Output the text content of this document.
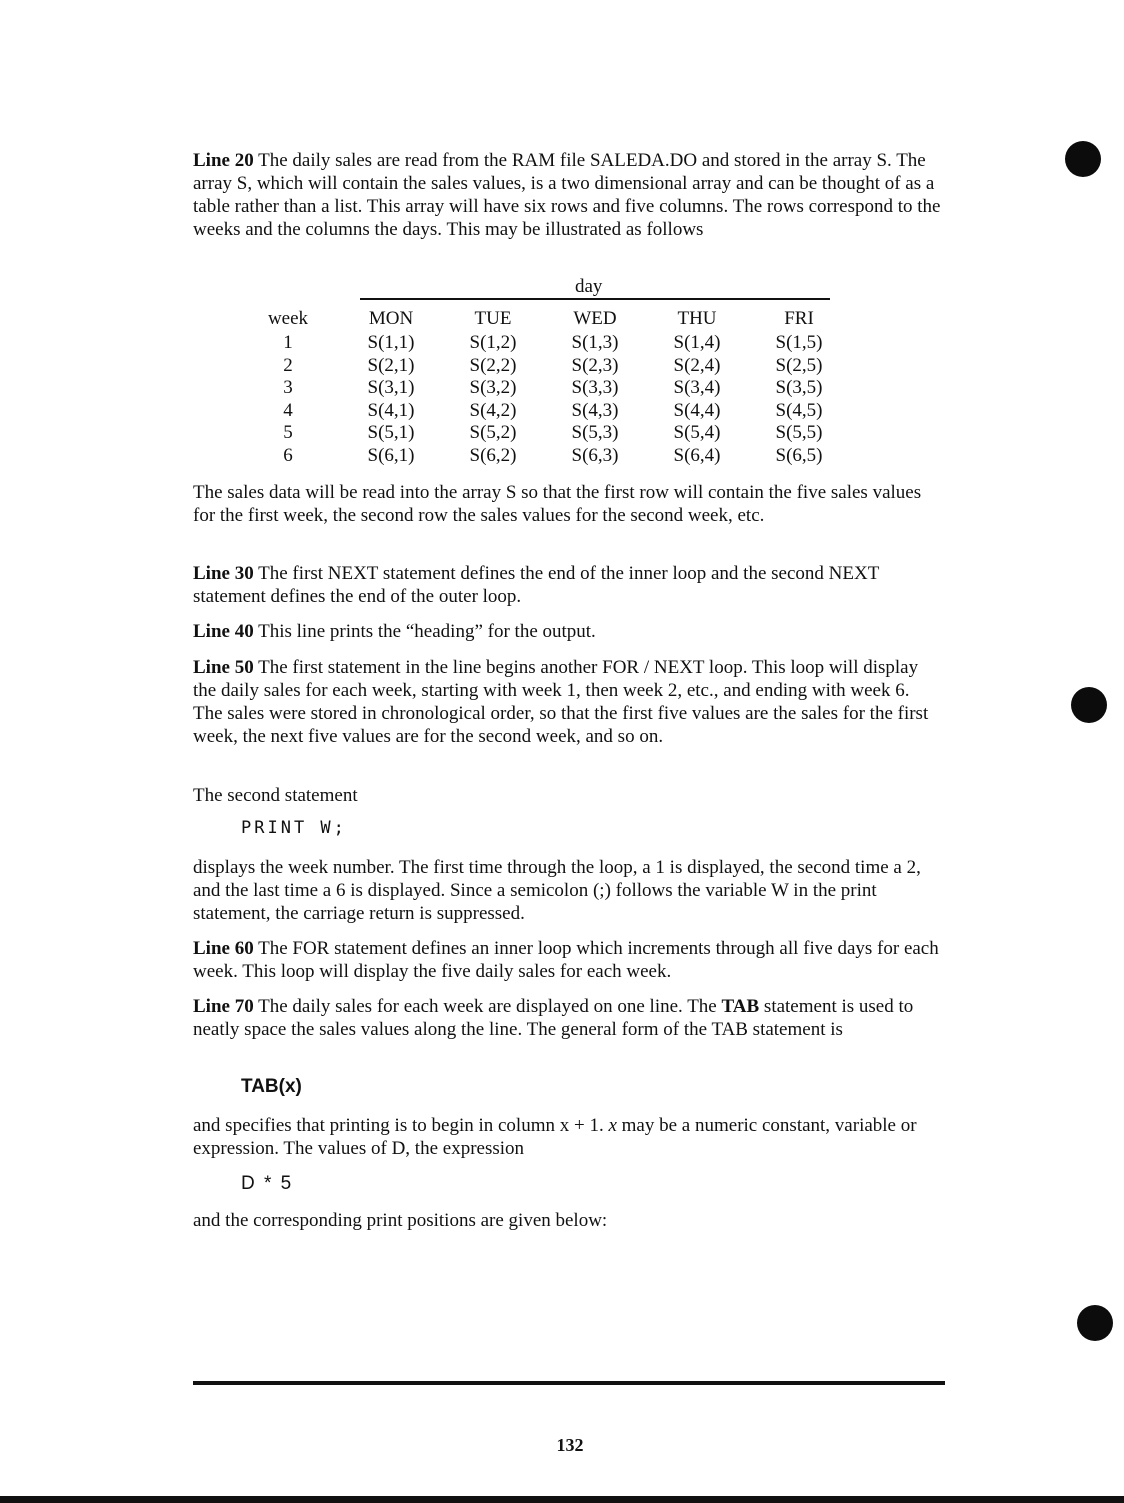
Line 20 The daily sales are read from the RAM file SALEDA.DO and stored in the array S. The array S, which will contain the sales values, is a two dimensional array and can be thought of as a table rather than a list. This array will have six rows and five columns. The rows correspond to the weeks and the columns the days. This may be illustrated as follows

day
week	MON	TUE	WED	THU	FRI
1	S(1,1)	S(1,2)	S(1,3)	S(1,4)	S(1,5)
2	S(2,1)	S(2,2)	S(2,3)	S(2,4)	S(2,5)
3	S(3,1)	S(3,2)	S(3,3)	S(3,4)	S(3,5)
4	S(4,1)	S(4,2)	S(4,3)	S(4,4)	S(4,5)
5	S(5,1)	S(5,2)	S(5,3)	S(5,4)	S(5,5)
6	S(6,1)	S(6,2)	S(6,3)	S(6,4)	S(6,5)

The sales data will be read into the array S so that the first row will contain the five sales values for the first week, the second row the sales values for the second week, etc.

Line 30 The first NEXT statement defines the end of the inner loop and the second NEXT statement defines the end of the outer loop.

Line 40 This line prints the “heading” for the output.

Line 50 The first statement in the line begins another FOR / NEXT loop. This loop will display the daily sales for each week, starting with week 1, then week 2, etc., and ending with week 6. The sales were stored in chronological order, so that the first five values are the sales for the first week, the next five values are for the second week, and so on.

The second statement

PRINT W;

displays the week number. The first time through the loop, a 1 is displayed, the second time a 2, and the last time a 6 is displayed. Since a semicolon (;) follows the variable W in the print statement, the carriage return is suppressed.

Line 60 The FOR statement defines an inner loop which increments through all five days for each week. This loop will display the five daily sales for each week.

Line 70 The daily sales for each week are displayed on one line. The TAB statement is used to neatly space the sales values along the line. The general form of the TAB statement is

TAB(x)

and specifies that printing is to begin in column x + 1. x may be a numeric constant, variable or expression. The values of D, the expression

D * 5

and the corresponding print positions are given below:

132
